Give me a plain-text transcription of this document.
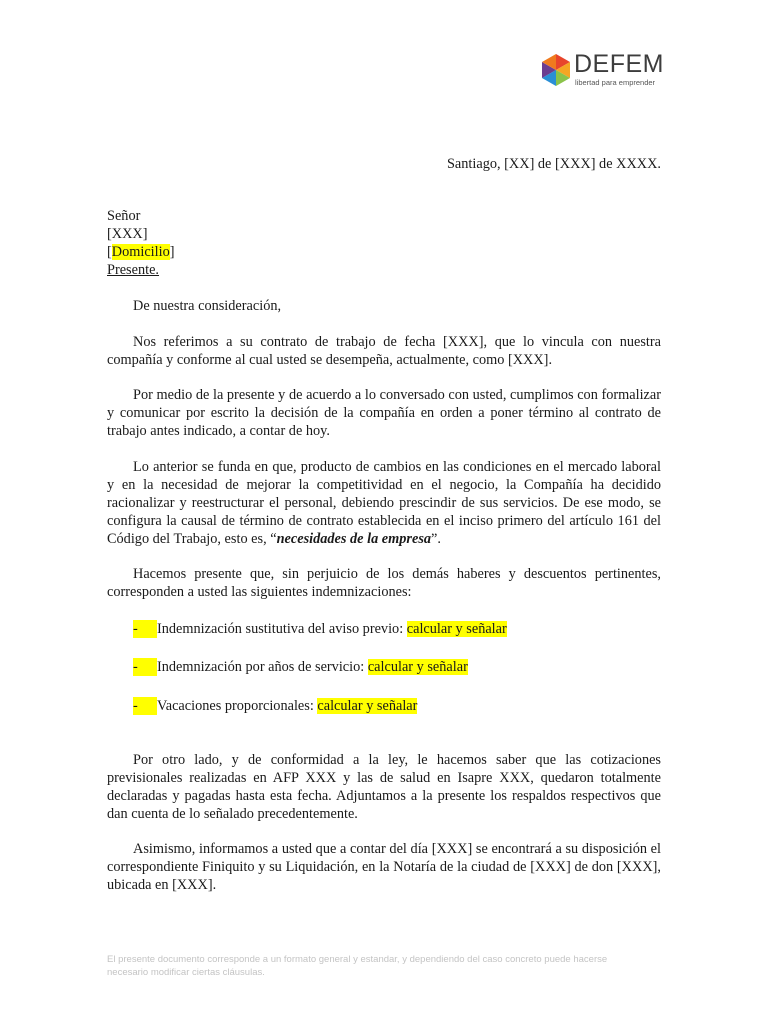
DEFEM
libertad para emprender
Santiago, [XX] de [XXX] de XXXX.
Señor
[XXX]
[Domicilio]
Presente.

De nuestra consideración,

Nos referimos a su contrato de trabajo de fecha [XXX], que lo vincula con nuestra compañía y conforme al cual usted se desempeña, actualmente, como [XXX].

Por medio de la presente y de acuerdo a lo conversado con usted, cumplimos con formalizar y comunicar por escrito la decisión de la compañía en orden a poner término al contrato de trabajo antes indicado, a contar de hoy.

Lo anterior se funda en que, producto de cambios en las condiciones en el mercado laboral y en la necesidad de mejorar la competitividad en el negocio, la Compañía ha decidido racionalizar y reestructurar el personal, debiendo prescindir de sus servicios. De ese modo, se configura la causal de término de contrato establecida en el inciso primero del artículo 161 del Código del Trabajo, esto es, “necesidades de la empresa”.

Hacemos presente que, sin perjuicio de los demás haberes y descuentos pertinentes, corresponden a usted las siguientes indemnizaciones:

- Indemnización sustitutiva del aviso previo: calcular y señalar
- Indemnización por años de servicio: calcular y señalar
- Vacaciones proporcionales: calcular y señalar

Por otro lado, y de conformidad a la ley, le hacemos saber que las cotizaciones previsionales realizadas en AFP XXX y las de salud en Isapre XXX, quedaron totalmente declaradas y pagadas hasta esta fecha. Adjuntamos a la presente los respaldos respectivos que dan cuenta de lo señalado precedentemente.

Asimismo, informamos a usted que a contar del día [XXX] se encontrará a su disposición el correspondiente Finiquito y su Liquidación, en la Notaría de la ciudad de [XXX] de don [XXX], ubicada en [XXX].

El presente documento corresponde a un formato general y estandar, y dependiendo del caso concreto puede hacerse necesario modificar ciertas cláusulas.
